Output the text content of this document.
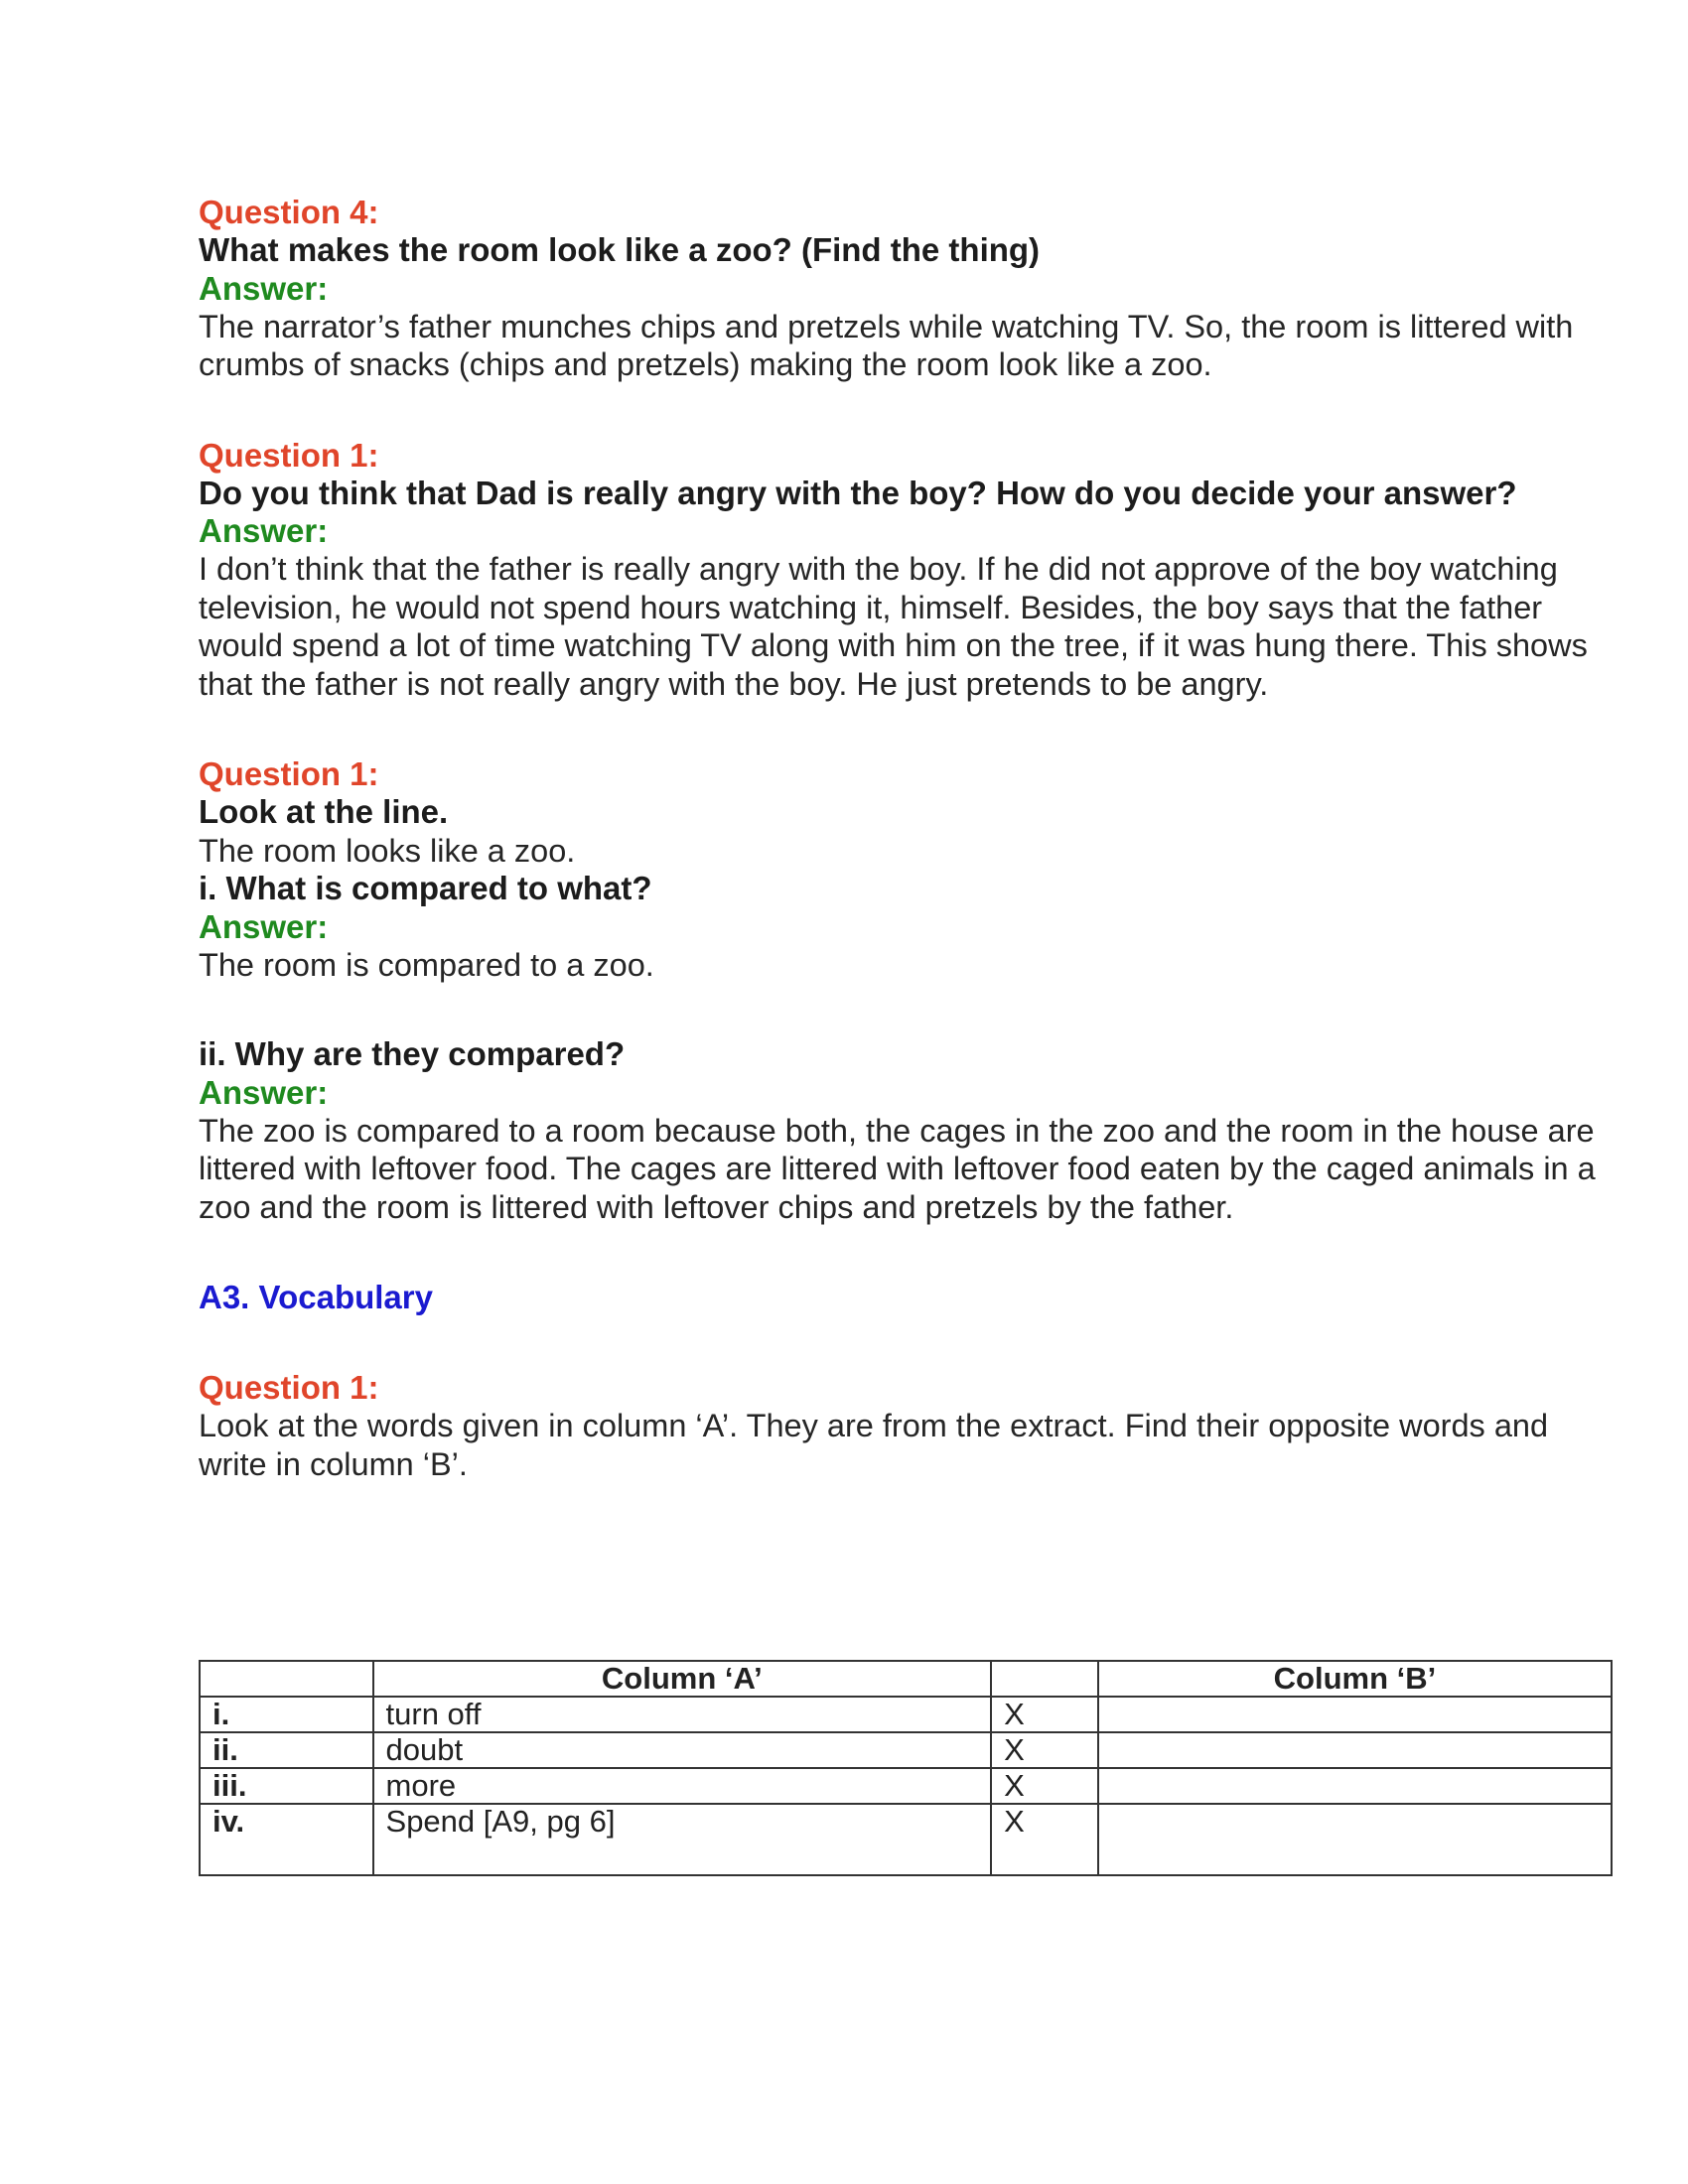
Question 4:
What makes the room look like a zoo? (Find the thing)
Answer:
The narrator’s father munches chips and pretzels while watching TV. So, the room is littered with crumbs of snacks (chips and pretzels) making the room look like a zoo.
Question 1:
Do you think that Dad is really angry with the boy? How do you decide your answer?
Answer:
I don’t think that the father is really angry with the boy. If he did not approve of the boy watching television, he would not spend hours watching it, himself. Besides, the boy says that the father would spend a lot of time watching TV along with him on the tree, if it was hung there. This shows that the father is not really angry with the boy. He just pretends to be angry.
Question 1:
Look at the line.
The room looks like a zoo.
i. What is compared to what?
Answer:
The room is compared to a zoo.
ii. Why are they compared?
Answer:
The zoo is compared to a room because both, the cages in the zoo and the room in the house are littered with leftover food. The cages are littered with leftover food eaten by the caged animals in a zoo and the room is littered with leftover chips and pretzels by the father.
A3. Vocabulary
Question 1:
Look at the words given in column ‘A’. They are from the extract. Find their opposite words and write in column ‘B’.
	Column ‘A’		Column ‘B’
i.	turn off	X	
ii.	doubt	X	
iii.	more	X	
iv.	Spend [A9, pg 6]	X	
